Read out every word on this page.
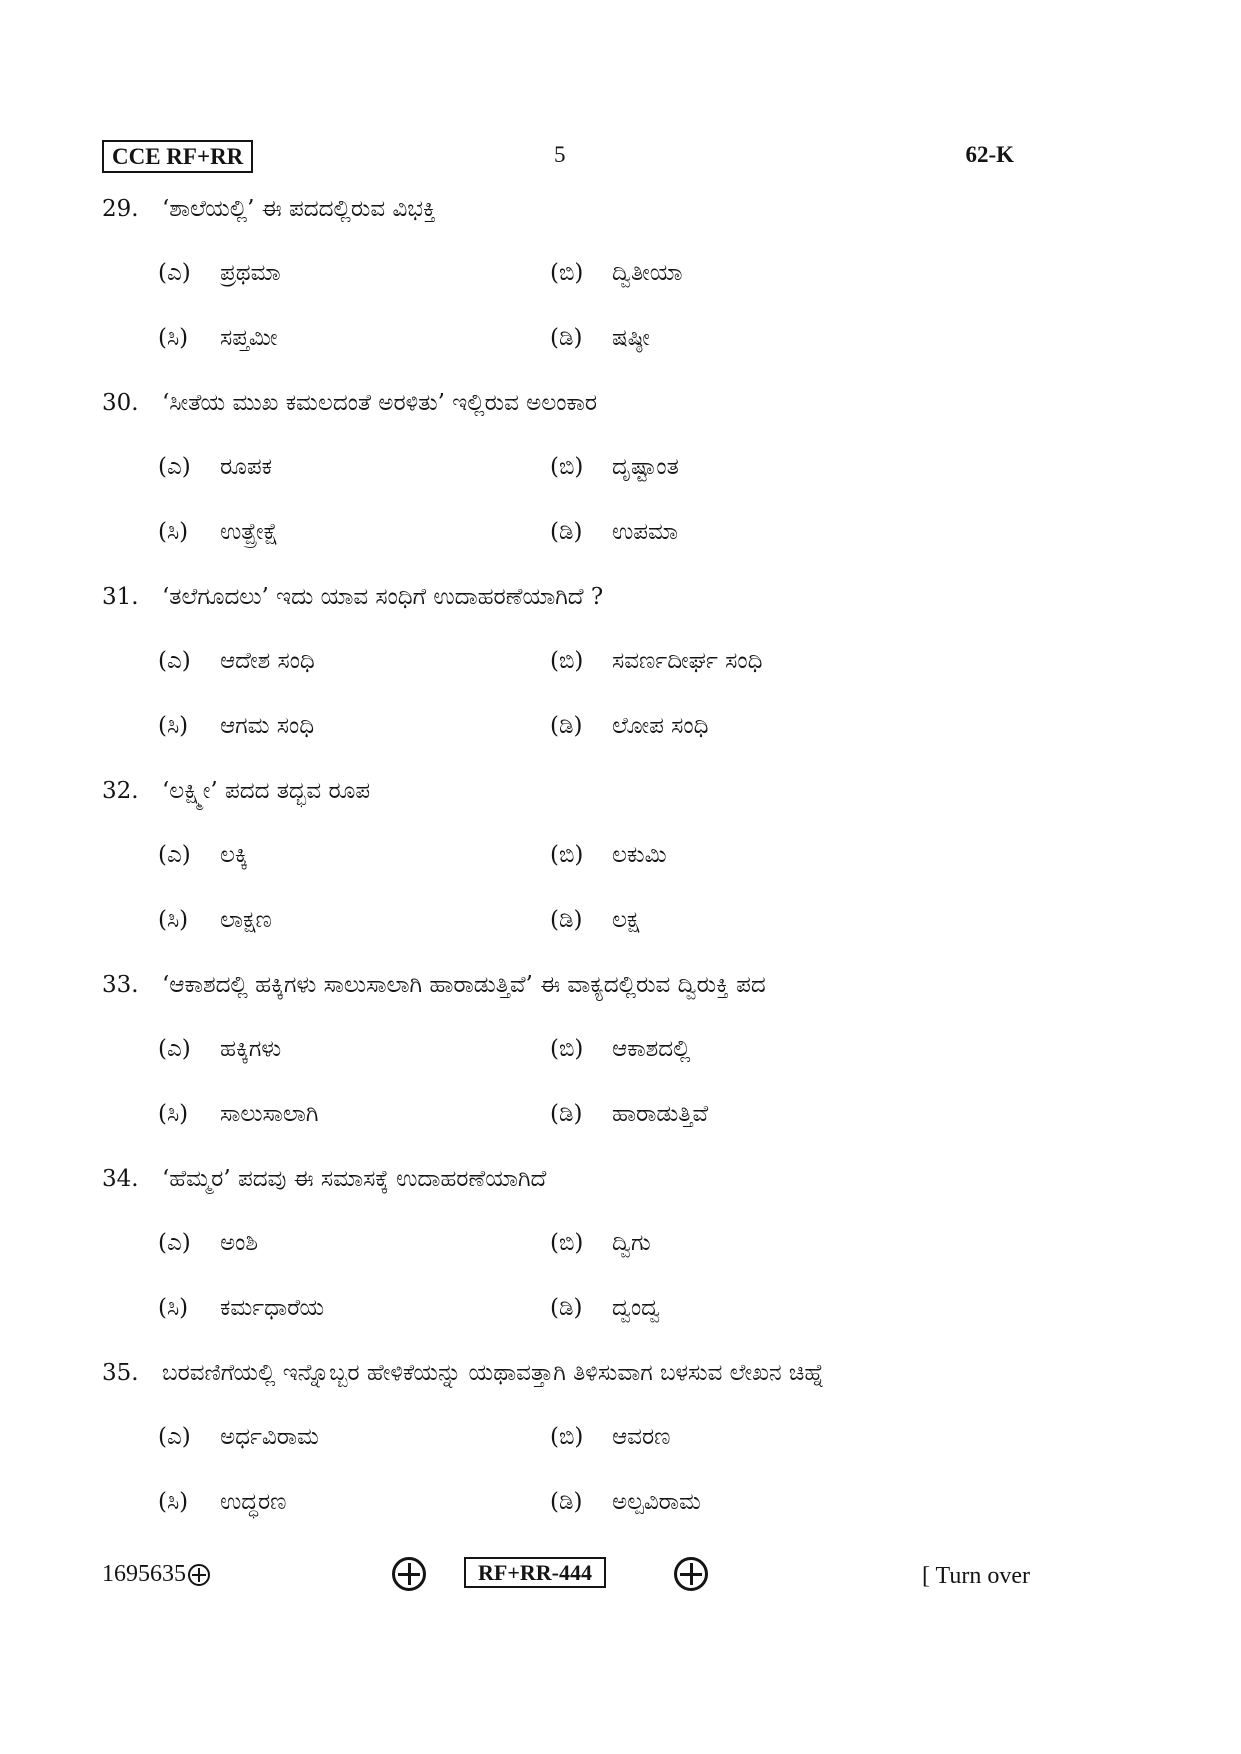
CCE RF+RR	5	62-K
29. ‘ಶಾಲೆಯಲ್ಲಿ’ ಈ ಪದದಲ್ಲಿರುವ ವಿಭಕ್ತಿ
(ಎ) ಪ್ರಥಮಾ	(ಬಿ) ದ್ವಿತೀಯಾ
(ಸಿ) ಸಪ್ತಮೀ	(ಡಿ) ಷಷ್ಠೀ
30. ‘ಸೀತೆಯ ಮುಖ ಕಮಲದಂತೆ ಅರಳಿತು’ ಇಲ್ಲಿರುವ ಅಲಂಕಾರ
(ಎ) ರೂಪಕ	(ಬಿ) ದೃಷ್ಟಾಂತ
(ಸಿ) ಉತ್ಪ್ರೇಕ್ಷೆ	(ಡಿ) ಉಪಮಾ
31. ‘ತಲೆಗೂದಲು’ ಇದು ಯಾವ ಸಂಧಿಗೆ ಉದಾಹರಣೆಯಾಗಿದೆ ?
(ಎ) ಆದೇಶ ಸಂಧಿ	(ಬಿ) ಸವರ್ಣದೀರ್ಘ ಸಂಧಿ
(ಸಿ) ಆಗಮ ಸಂಧಿ	(ಡಿ) ಲೋಪ ಸಂಧಿ
32. ‘ಲಕ್ಷ್ಮೀ’ ಪದದ ತದ್ಭವ ರೂಪ
(ಎ) ಲಕ್ಕಿ	(ಬಿ) ಲಕುಮಿ
(ಸಿ) ಲಾಕ್ಷಣ	(ಡಿ) ಲಕ್ಷ
33. ‘ಆಕಾಶದಲ್ಲಿ ಹಕ್ಕಿಗಳು ಸಾಲುಸಾಲಾಗಿ ಹಾರಾಡುತ್ತಿವೆ’ ಈ ವಾಕ್ಯದಲ್ಲಿರುವ ದ್ವಿರುಕ್ತಿ ಪದ
(ಎ) ಹಕ್ಕಿಗಳು	(ಬಿ) ಆಕಾಶದಲ್ಲಿ
(ಸಿ) ಸಾಲುಸಾಲಾಗಿ	(ಡಿ) ಹಾರಾಡುತ್ತಿವೆ
34. ‘ಹೆಮ್ಮರ’ ಪದವು ಈ ಸಮಾಸಕ್ಕೆ ಉದಾಹರಣೆಯಾಗಿದೆ
(ಎ) ಅಂಶಿ	(ಬಿ) ದ್ವಿಗು
(ಸಿ) ಕರ್ಮಧಾರೆಯ	(ಡಿ) ದ್ವಂದ್ವ
35. ಬರವಣಿಗೆಯಲ್ಲಿ ಇನ್ನೊಬ್ಬರ ಹೇಳಿಕೆಯನ್ನು ಯಥಾವತ್ತಾಗಿ ತಿಳಿಸುವಾಗ ಬಳಸುವ ಲೇಖನ ಚಿಹ್ನೆ
(ಎ) ಅರ್ಧವಿರಾಮ	(ಬಿ) ಆವರಣ
(ಸಿ) ಉದ್ಧರಣ	(ಡಿ) ಅಲ್ಪವಿರಾಮ
1695635	RF+RR-444	[ Turn over
